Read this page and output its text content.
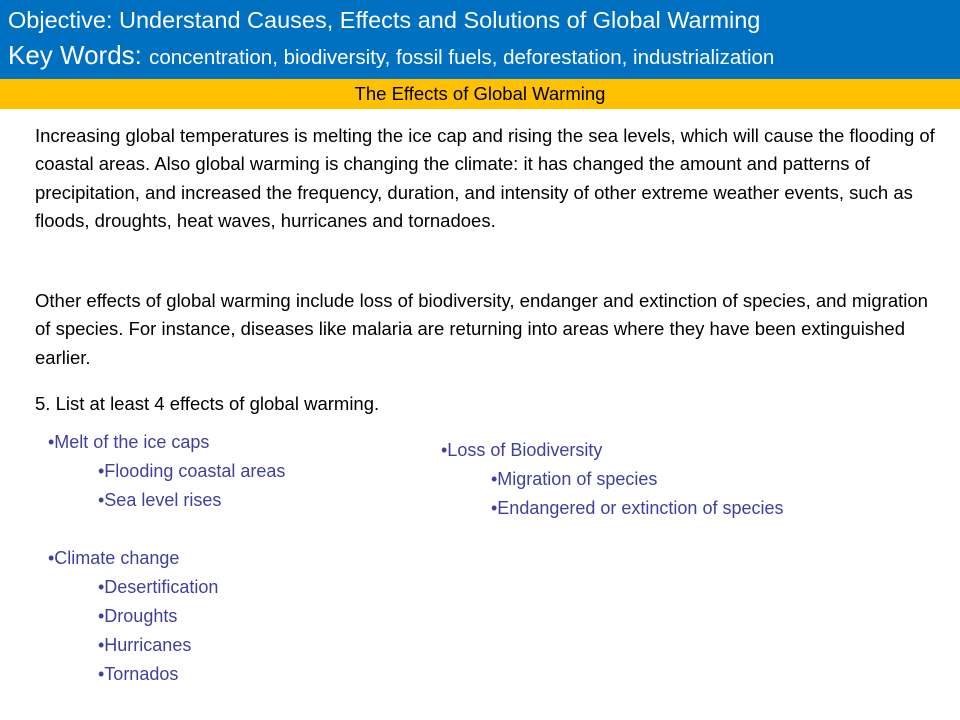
Objective: Understand Causes, Effects and Solutions of Global Warming
Key Words: concentration, biodiversity, fossil fuels, deforestation, industrialization
The Effects of Global Warming
Increasing global temperatures is melting the ice cap and rising the sea levels, which will cause the flooding of coastal areas. Also global warming is changing the climate: it has changed the amount and patterns of precipitation, and increased the frequency, duration, and intensity of other extreme weather events, such as floods, droughts, heat waves, hurricanes and tornadoes.
Other effects of global warming include loss of biodiversity, endanger and extinction of species, and migration of species. For instance, diseases like malaria are returning into areas where they have been extinguished earlier.
5. List at least 4 effects of global warming.
•Melt of the ice caps
•Flooding coastal areas
•Sea level rises
•Climate change
•Desertification
•Droughts
•Hurricanes
•Tornados
•Loss of Biodiversity
•Migration of species
•Endangered or extinction of species
